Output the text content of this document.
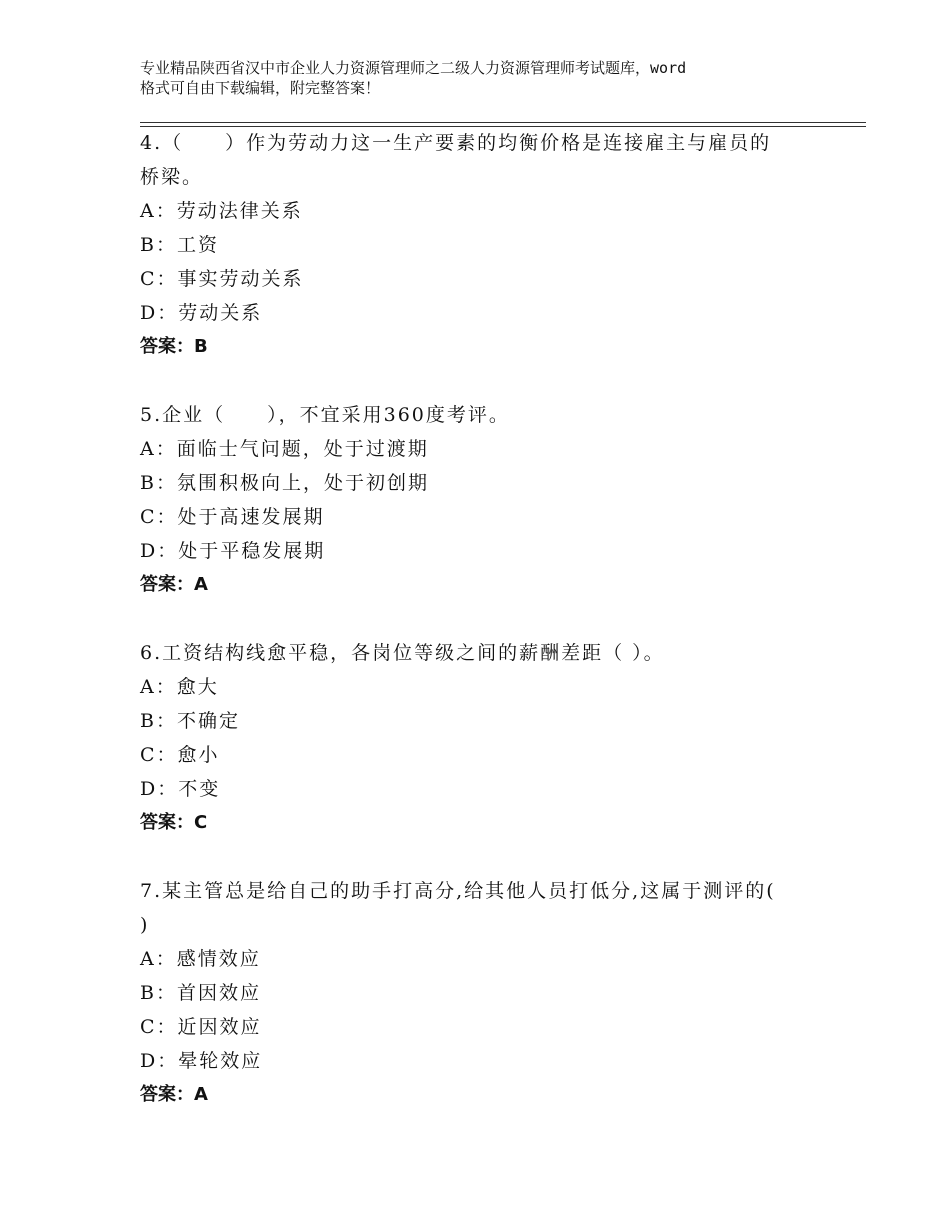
专业精品陕西省汉中市企业人力资源管理师之二级人力资源管理师考试题库，word
格式可自由下载编辑，附完整答案！

4.（　　）作为劳动力这一生产要素的均衡价格是连接雇主与雇员的

桥梁。

A：劳动法律关系

B：工资

C：事实劳动关系

D：劳动关系

答案：B

5.企业（　　），不宜采用360度考评。

A：面临士气问题，处于过渡期

B：氛围积极向上，处于初创期

C：处于高速发展期

D：处于平稳发展期

答案：A

6.工资结构线愈平稳，各岗位等级之间的薪酬差距（ ）。

A：愈大

B：不确定

C：愈小

D：不变

答案：C

7.某主管总是给自己的助手打高分,给其他人员打低分,这属于测评的(

)

A：感情效应

B：首因效应

C：近因效应

D：晕轮效应

答案：A
